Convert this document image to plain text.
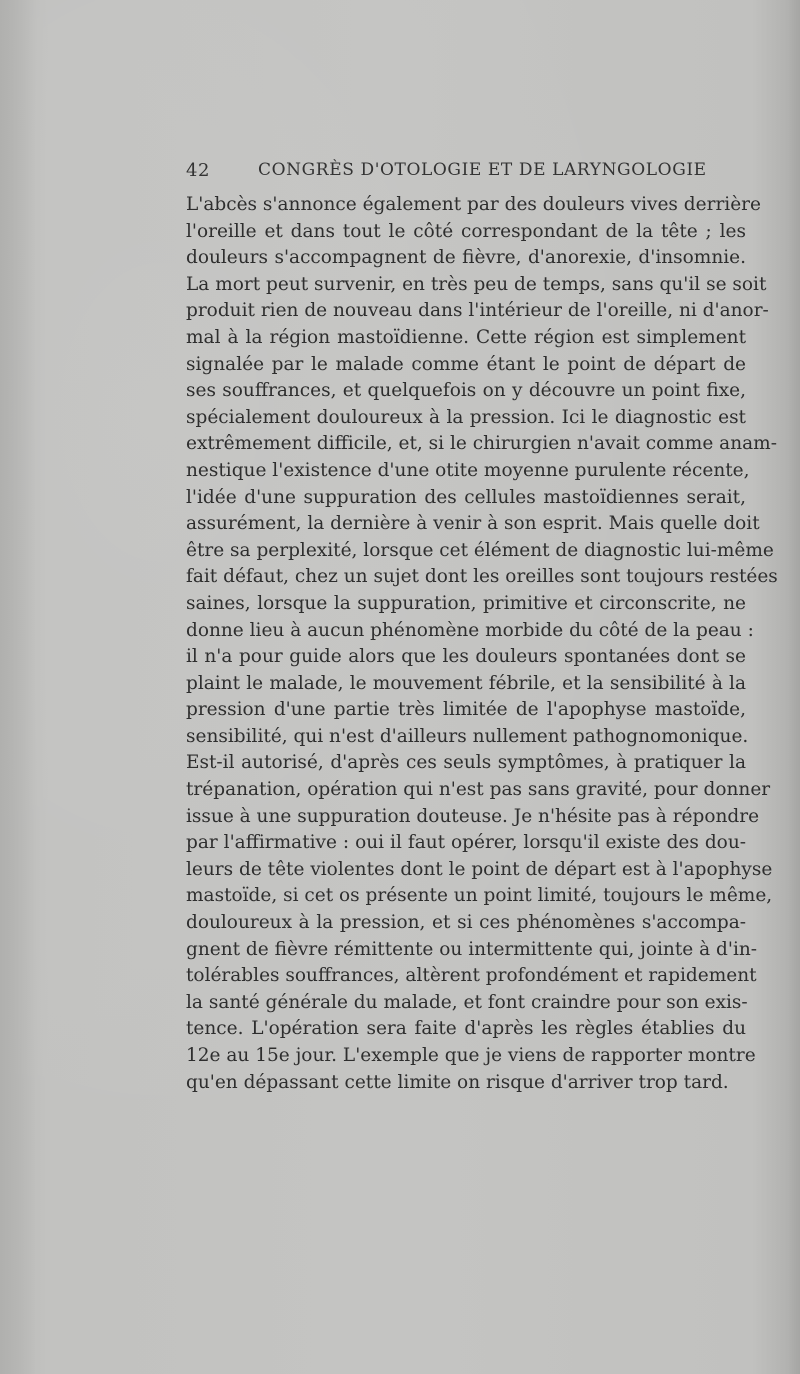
42	CONGRÈS D'OTOLOGIE ET DE LARYNGOLOGIE
L'abcès s'annonce également par des douleurs vives derrière
l'oreille et dans tout le côté correspondant de la tête ; les
douleurs s'accompagnent de fièvre, d'anorexie, d'insomnie.
La mort peut survenir, en très peu de temps, sans qu'il se soit
produit rien de nouveau dans l'intérieur de l'oreille, ni d'anor-
mal à la région mastoïdienne. Cette région est simplement
signalée par le malade comme étant le point de départ de
ses souffrances, et quelquefois on y découvre un point fixe,
spécialement douloureux à la pression. Ici le diagnostic est
extrêmement difficile, et, si le chirurgien n'avait comme anam-
nestique l'existence d'une otite moyenne purulente récente,
l'idée d'une suppuration des cellules mastoïdiennes serait,
assurément, la dernière à venir à son esprit. Mais quelle doit
être sa perplexité, lorsque cet élément de diagnostic lui-même
fait défaut, chez un sujet dont les oreilles sont toujours restées
saines, lorsque la suppuration, primitive et circonscrite, ne
donne lieu à aucun phénomène morbide du côté de la peau :
il n'a pour guide alors que les douleurs spontanées dont se
plaint le malade, le mouvement fébrile, et la sensibilité à la
pression d'une partie très limitée de l'apophyse mastoïde,
sensibilité, qui n'est d'ailleurs nullement pathognomonique.
Est-il autorisé, d'après ces seuls symptômes, à pratiquer la
trépanation, opération qui n'est pas sans gravité, pour donner
issue à une suppuration douteuse. Je n'hésite pas à répondre
par l'affirmative : oui il faut opérer, lorsqu'il existe des dou-
leurs de tête violentes dont le point de départ est à l'apophyse
mastoïde, si cet os présente un point limité, toujours le même,
douloureux à la pression, et si ces phénomènes s'accompa-
gnent de fièvre rémittente ou intermittente qui, jointe à d'in-
tolérables souffrances, altèrent profondément et rapidement
la santé générale du malade, et font craindre pour son exis-
tence. L'opération sera faite d'après les règles établies du
12e au 15e jour. L'exemple que je viens de rapporter montre
qu'en dépassant cette limite on risque d'arriver trop tard.
